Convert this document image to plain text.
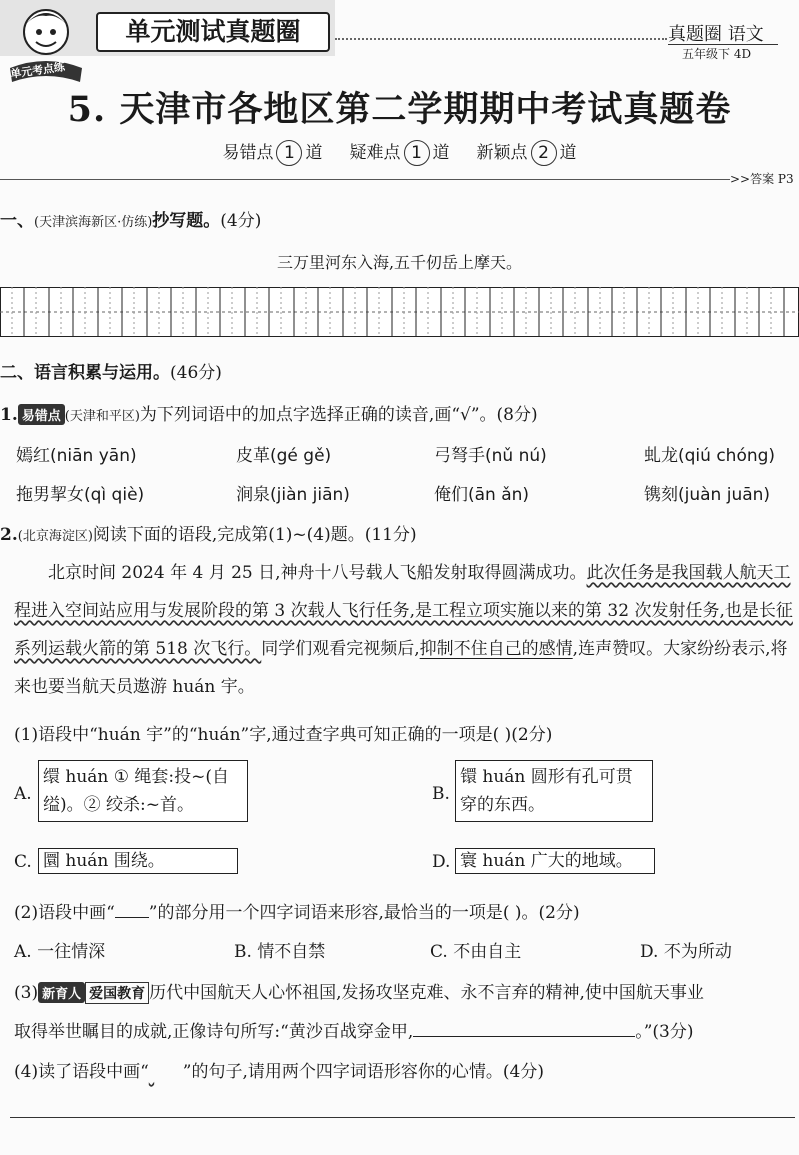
单元考点练
单元测试真题圈	真题圈 语文
五年级下 4D
5. 天津市各地区第二学期期中考试真题卷
易错点 1 道 疑难点 1 道 新颖点 2 道
>>答案 P3
一、(天津滨海新区·仿练)抄写题。(4分)
三万里河东入海,五千仞岳上摩天。
二、语言积累与运用。(46分)
1. 易错点 (天津和平区)为下列词语中的加点字选择正确的读音,画“√”。(8分)
嫣红(niān yān)	皮革(gé gě)	弓弩手(nǔ nú)	虬龙(qiú chóng)
拖男挈女(qì qiè)	涧泉(jiàn jiān)	俺们(ān ǎn)	镌刻(juàn juān)
2.(北京海淀区)阅读下面的语段,完成第(1)~(4)题。(11分)
北京时间 2024 年 4 月 25 日,神舟十八号载人飞船发射取得圆满成功。此次任务是我国载人航天工程进入空间站应用与发展阶段的第 3 次载人飞行任务,是工程立项实施以来的第 32 次发射任务,也是长征系列运载火箭的第 518 次飞行。同学们观看完视频后,抑制不住自己的感情,连声赞叹。大家纷纷表示,将来也要当航天员遨游 huán 宇。
(1)语段中“huán 宇”的“huán”字,通过查字典可知正确的一项是( )(2分)
A.
缳 huán ① 绳套:投~(自缢)。② 绞杀:~首。
B.
镮 huán 圆形有孔可贯穿的东西。
C. 圜 huán 围绕。	D. 寰 huán 广大的地域。
(2)语段中画“ ”的部分用一个四字词语来形容,最恰当的一项是( )。(2分)
A. 一往情深	B. 情不自禁	C. 不由自主	D. 不为所动
(3) 新育人 爱国教育 历代中国航天人心怀祖国,发扬攻坚克难、永不言弃的精神,使中国航天事业
取得举世瞩目的成就,正像诗句所写:“黄沙百战穿金甲,	。”(3分)
(4)读了语段中画“ ”的句子,请用两个四字词语形容你的心情。(4分)
